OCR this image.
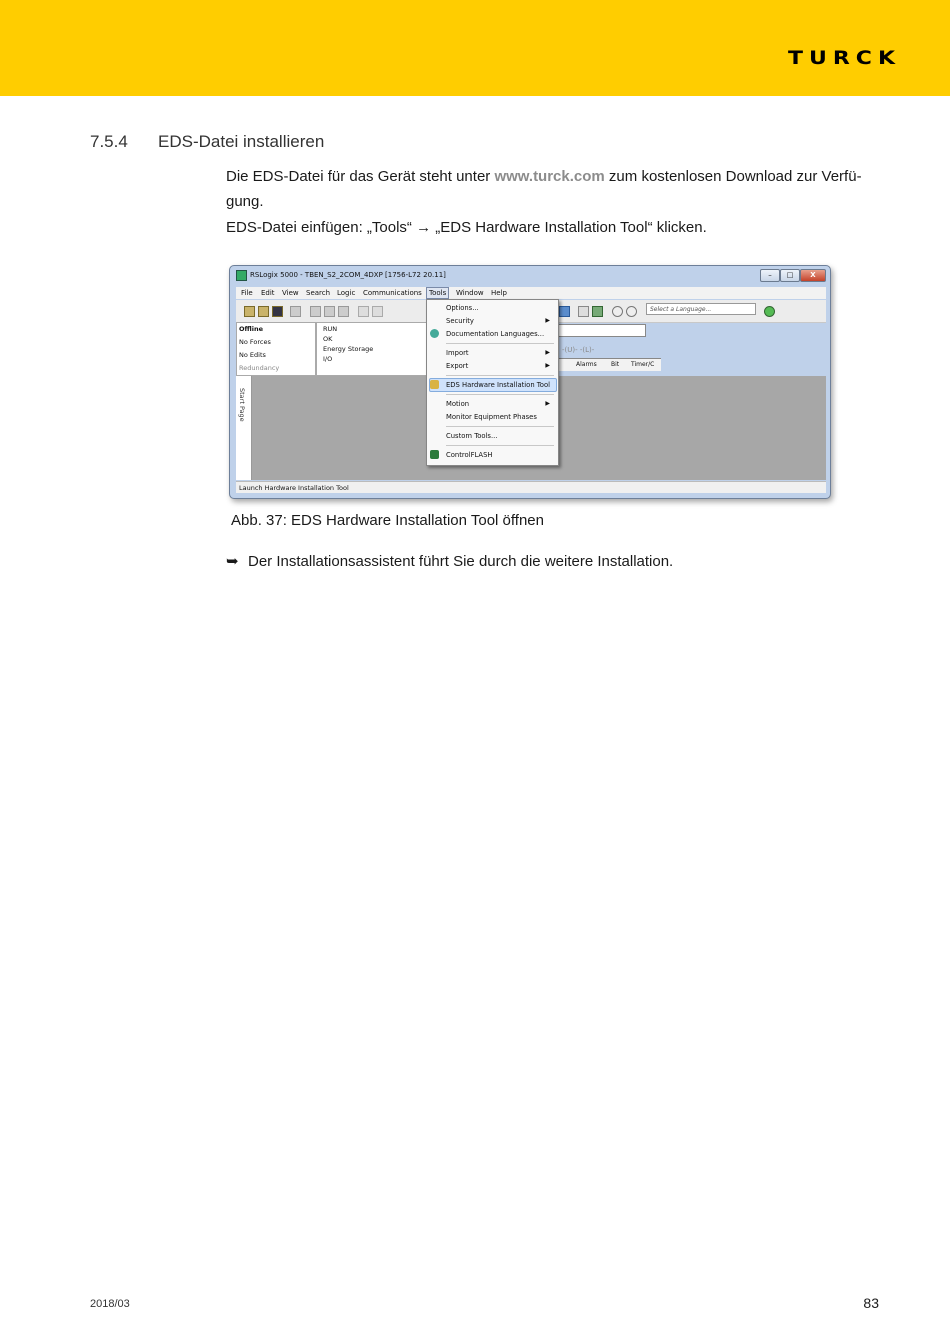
TURCK
7.5.4 EDS-Datei installieren
Die EDS-Datei für das Gerät steht unter www.turck.com zum kostenlosen Download zur Verfü-
gung.
EDS-Datei einfügen: „Tools“ → „EDS Hardware Installation Tool“ klicken.
RSLogix 5000 - TBEN_S2_2COM_4DXP [1756-L72 20.11]	–	□	X
File Edit View Search Logic Communications	Tools	Window Help
Select a Language...
Offline
No Forces
No Edits
Redundancy
RUN
OK
Energy Storage
I/O
-(U)- -(L)-
Alarms Bit Timer/C
Start Page
Launch Hardware Installation Tool
Options...
Security	▶
Documentation Languages...
Import	▶
Export	▶
EDS Hardware Installation Tool
Motion	▶
Monitor Equipment Phases
Custom Tools...
ControlFLASH
Abb. 37: EDS Hardware Installation Tool öffnen
➥ Der Installationsassistent führt Sie durch die weitere Installation.
2018/03	83
